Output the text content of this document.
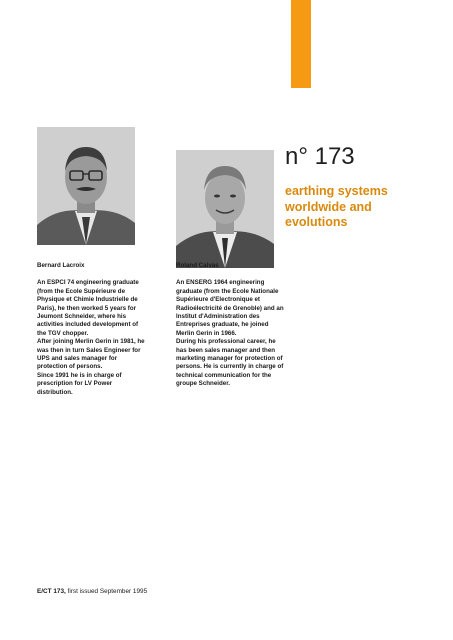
n° 173
earthing systems
worldwide and
evolutions
Bernard Lacroix

An ESPCI 74 engineering graduate

(from the Ecole Supérieure de

Physique et Chimie Industrielle de

Paris), he then worked 5 years for

Jeumont Schneider, where his

activities included development of

the TGV chopper.

After joining Merlin Gerin in 1981, he

was then in turn Sales Engineer for

UPS and sales manager for

protection of persons.

Since 1991 he is in charge of

prescription for LV Power

distribution.

Roland Calvas

An ENSERG 1964 engineering

graduate (from the Ecole Nationale

Supérieure d'Electronique et

Radioélectricité de Grenoble) and an

Institut d'Administration des

Entreprises graduate, he joined

Merlin Gerin in 1966.

During his professional career, he

has been sales manager and then

marketing manager for protection of

persons. He is currently in charge of

technical communication for the

groupe Schneider.

E/CT 173, first issued September 1995
